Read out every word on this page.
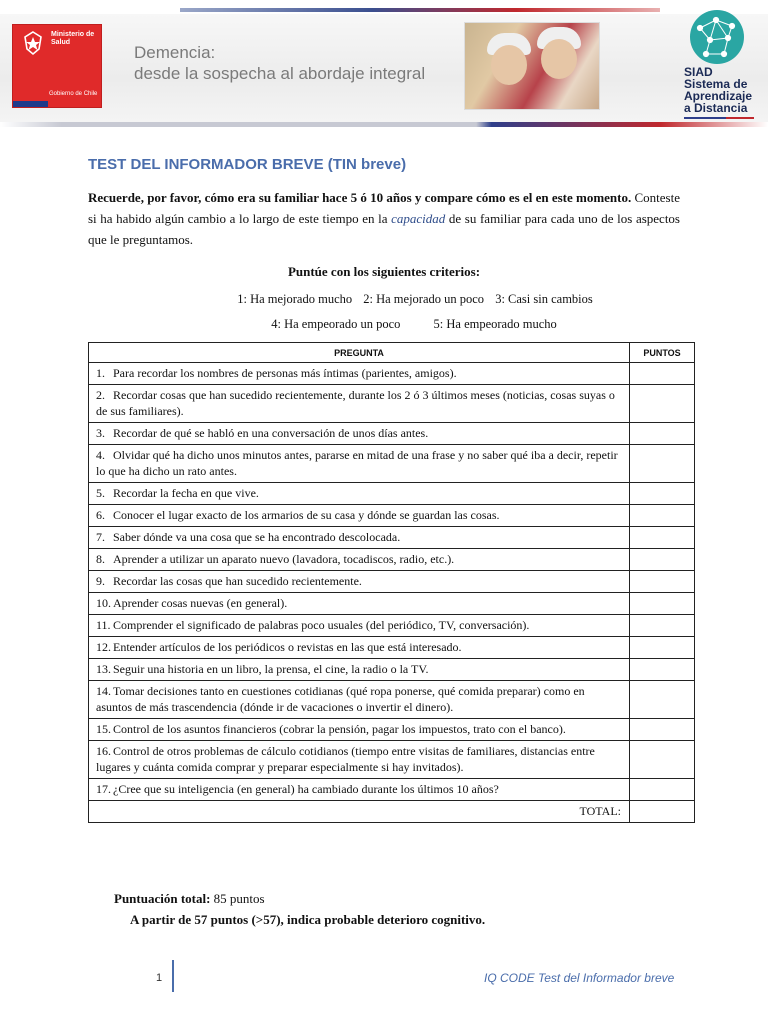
Ministerio de Salud
Gobierno de Chile
Demencia:
desde la sospecha al abordaje integral	SIAD
Sistema de
Aprendizaje
a Distancia
TEST DEL INFORMADOR BREVE (TIN breve)
Recuerde, por favor, cómo era su familiar hace 5 ó 10 años y compare cómo es el en este momento. Conteste si ha habido algún cambio a lo largo de este tiempo en la capacidad de su familiar para cada uno de los aspectos que le preguntamos.
Puntúe con los siguientes criterios:
1: Ha mejorado mucho 2: Ha mejorado un poco 3: Casi sin cambios
4: Ha empeorado un poco	5: Ha empeorado mucho
PREGUNTA	PUNTOS
1. Para recordar los nombres de personas más íntimas (parientes, amigos).	
2. Recordar cosas que han sucedido recientemente, durante los 2 ó 3 últimos meses (noticias, cosas suyas o de sus familiares).	
3. Recordar de qué se habló en una conversación de unos días antes.	
4. Olvidar qué ha dicho unos minutos antes, pararse en mitad de una frase y no saber qué iba a decir, repetir lo que ha dicho un rato antes.	
5. Recordar la fecha en que vive.	
6. Conocer el lugar exacto de los armarios de su casa y dónde se guardan las cosas.	
7. Saber dónde va una cosa que se ha encontrado descolocada.	
8. Aprender a utilizar un aparato nuevo (lavadora, tocadiscos, radio, etc.).	
9. Recordar las cosas que han sucedido recientemente.	
10. Aprender cosas nuevas (en general).	
11. Comprender el significado de palabras poco usuales (del periódico, TV, conversación).	
12. Entender artículos de los periódicos o revistas en las que está interesado.	
13. Seguir una historia en un libro, la prensa, el cine, la radio o la TV.	
14. Tomar decisiones tanto en cuestiones cotidianas (qué ropa ponerse, qué comida preparar) como en asuntos de más trascendencia (dónde ir de vacaciones o invertir el dinero).	
15. Control de los asuntos financieros (cobrar la pensión, pagar los impuestos, trato con el banco).	
16. Control de otros problemas de cálculo cotidianos (tiempo entre visitas de familiares, distancias entre lugares y cuánta comida comprar y preparar especialmente si hay invitados).	
17. ¿Cree que su inteligencia (en general) ha cambiado durante los últimos 10 años?	
TOTAL:	
Puntuación total: 85 puntos
A partir de 57 puntos (>57), indica probable deterioro cognitivo.
1	IQ CODE Test del Informador breve
